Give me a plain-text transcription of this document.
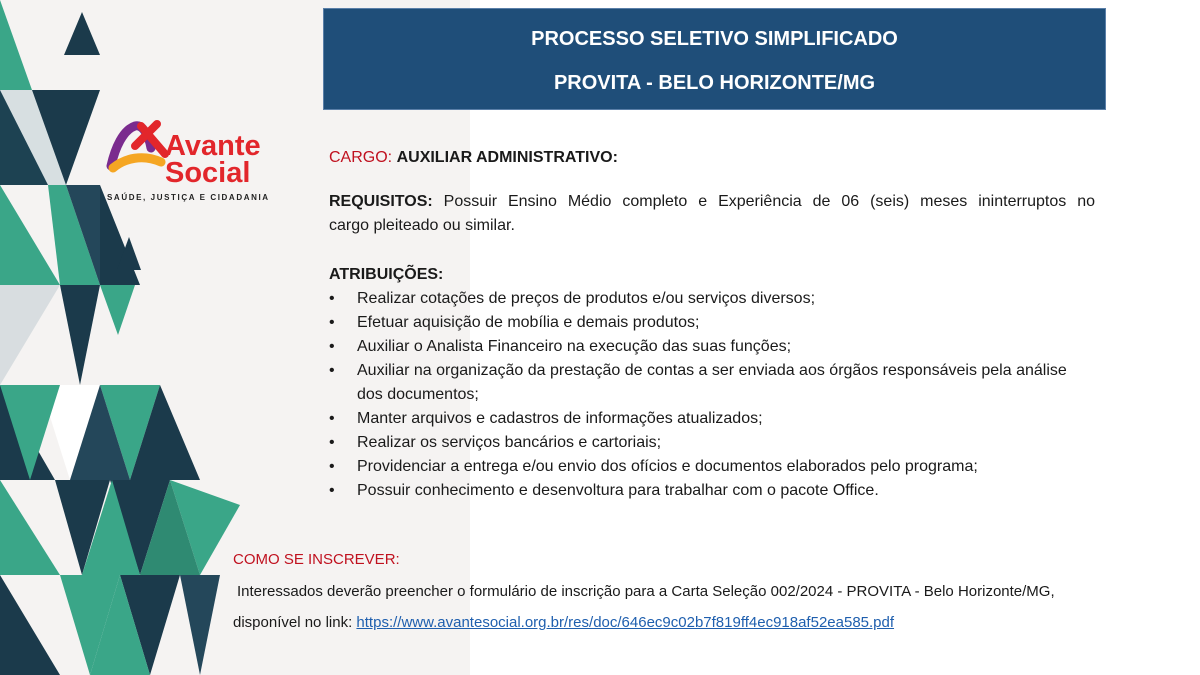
Avante
Social
SAÚDE, JUSTIÇA E CIDADANIA
PROCESSO SELETIVO SIMPLIFICADO
PROVITA - BELO HORIZONTE/MG
CARGO: AUXILIAR ADMINISTRATIVO:
REQUISITOS: Possuir Ensino Médio completo e Experiência de 06 (seis) meses ininterruptos no
cargo pleiteado ou similar.
ATRIBUIÇÕES:
• Realizar cotações de preços de produtos e/ou serviços diversos;
• Efetuar aquisição de mobília e demais produtos;
• Auxiliar o Analista Financeiro na execução das suas funções;
• Auxiliar na organização da prestação de contas a ser enviada aos órgãos responsáveis pela análise dos documentos;
• Manter arquivos e cadastros de informações atualizados;
• Realizar os serviços bancários e cartoriais;
• Providenciar a entrega e/ou envio dos ofícios e documentos elaborados pelo programa;
• Possuir conhecimento e desenvoltura para trabalhar com o pacote Office.
COMO SE INSCREVER:
Interessados deverão preencher o formulário de inscrição para a Carta Seleção 002/2024 - PROVITA - Belo Horizonte/MG,
disponível no link: https://www.avantesocial.org.br/res/doc/646ec9c02b7f819ff4ec918af52ea585.pdf
